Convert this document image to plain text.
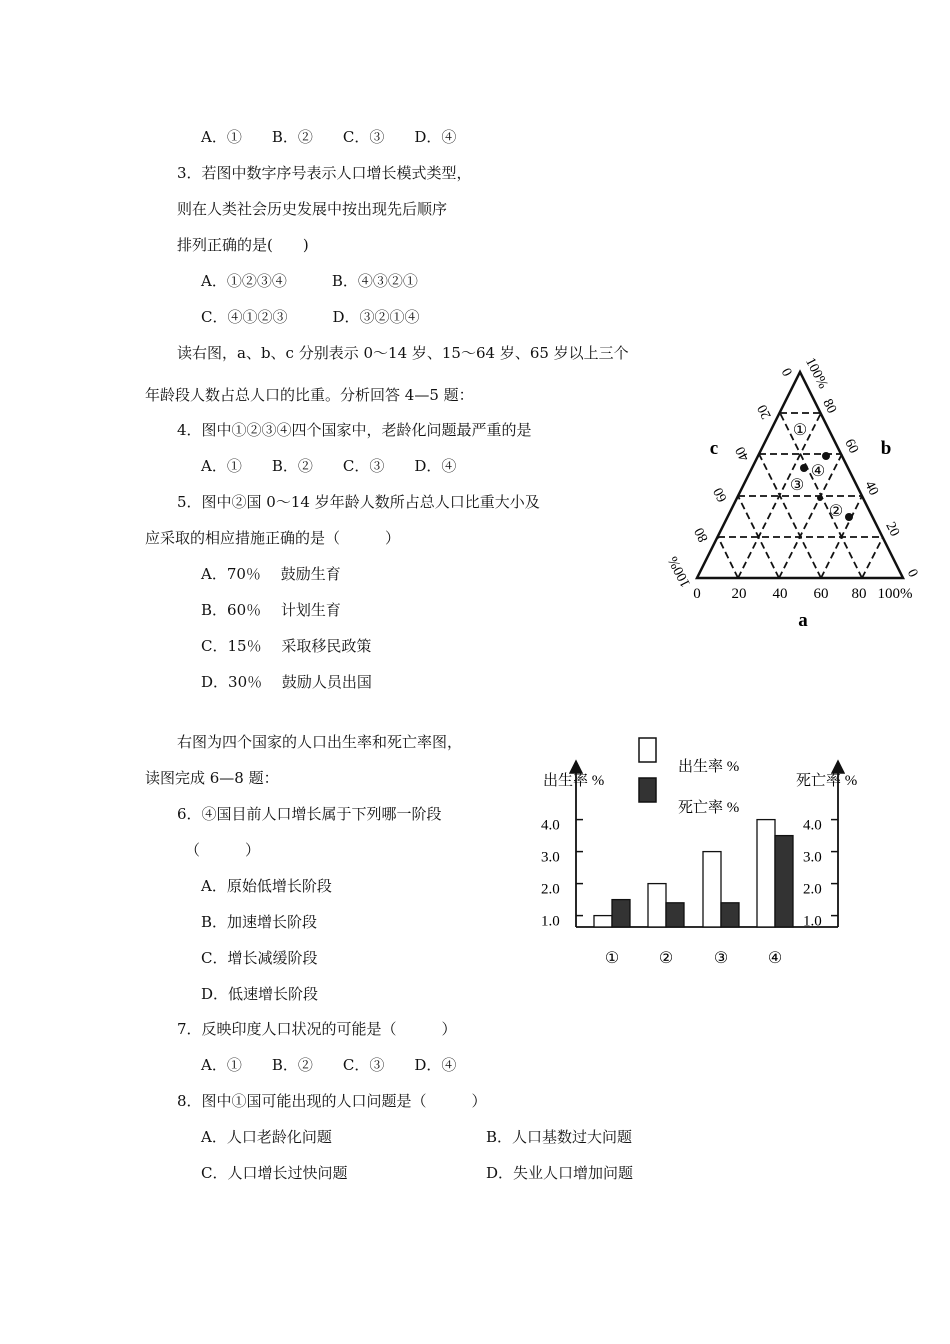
A．①　　B．②　　C．③　　D．④
3．若图中数字序号表示人口增长模式类型，
则在人类社会历史发展中按出现先后顺序
排列正确的是(　　)
A．①②③④　　　B．④③②①
C．④①②③　　　D．③②①④
读右图，a、b、c 分别表示 0～14 岁、15～64 岁、65 岁以上三个
年龄段人数占总人口的比重。分析回答 4—5 题：
4．图中①②③④四个国家中，老龄化问题最严重的是
A．①　　B．②　　C．③　　D．④
5．图中②国 0～14 岁年龄人数所占总人口比重大小及
应采取的相应措施正确的是（　　　）
A．70％　 鼓励生育
B．60％　 计划生育
C．15％　 采取移民政策
D．30％　 鼓励人员出国
右图为四个国家的人口出生率和死亡率图，
读图完成 6—8 题：
6．④国目前人口增长属于下列哪一阶段
（　　　）
A．原始低增长阶段
B．加速增长阶段
C．增长减缓阶段
D．低速增长阶段
7．反映印度人口状况的可能是（　　　）
A．①　　B．②　　C．③　　D．④
8．图中①国可能出现的人口问题是（　　　）
A．人口老龄化问题	B．人口基数过大问题
C．人口增长过快问题	D．失业人口增加问题
0 20 40 60 80 100%
0
20
40
60
80
100%
0
20
40
60
80
100%
a
b
c
①
④
③
②
出生率 %
死亡率 %
出生率 %	死亡率 %
1.0	1.0
2.0	2.0
3.0	3.0
4.0	4.0
① ②	③ ④
